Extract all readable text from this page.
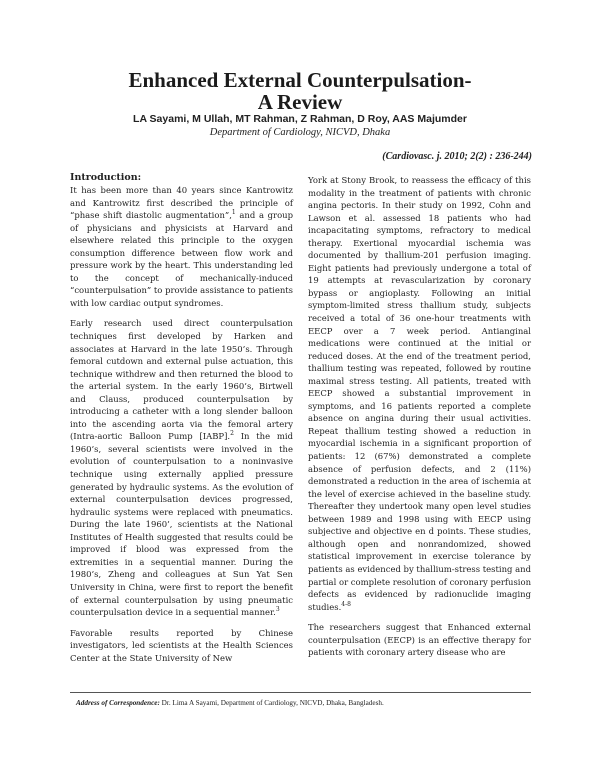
Enhanced External Counterpulsation-
A Review
LA Sayami, M Ullah, MT Rahman, Z Rahman, D Roy, AAS Majumder
Department of Cardiology, NICVD, Dhaka
(Cardiovasc. j. 2010; 2(2) : 236-244)
Introduction:

It has been more than 40 years since Kantrowitz and Kantrowitz first described the principle of “phase shift diastolic augmentation”,$^1$ and a group of physicians and physicists at Harvard and elsewhere related this principle to the oxygen consumption difference between flow work and pressure work by the heart. This understanding led to the concept of mechanically-induced “counterpulsation” to provide assistance to patients with low cardiac output syndromes.

Early research used direct counterpulsation techniques first developed by Harken and associates at Harvard in the late 1950’s. Through femoral cutdown and external pulse actuation, this technique withdrew and then returned the blood to the arterial system. In the early 1960’s, Birtwell and Clauss, produced counterpulsation by introducing a catheter with a long slender balloon into the ascending aorta via the femoral artery (Intra-aortic Balloon Pump [IABP].$^2$ In the mid 1960’s, several scientists were involved in the evolution of counterpulsation to a noninvasive technique using externally applied pressure generated by hydraulic systems. As the evolution of external counterpulsation devices progressed, hydraulic systems were replaced with pneumatics. During the late 1960’, scientists at the National Institutes of Health suggested that results could be improved if blood was expressed from the extremities in a sequential manner. During the 1980’s, Zheng and colleagues at Sun Yat Sen University in China, were first to report the benefit of external counterpulsation by using pneumatic counterpulsation device in a sequential manner.$^3$

Favorable results reported by Chinese investigators, led scientists at the Health Sciences Center at the State University of New

York at Stony Brook, to reassess the efficacy of this modality in the treatment of patients with chronic angina pectoris. In their study on 1992, Cohn and Lawson et al. assessed 18 patients who had incapacitating symptoms, refractory to medical therapy. Exertional myocardial ischemia was documented by thallium-201 perfusion imaging. Eight patients had previously undergone a total of 19 attempts at revascularization by coronary bypass or angioplasty. Following an initial symptom-limited stress thallium study, subjects received a total of 36 one-hour treatments with EECP over a 7 week period. Antianginal medications were continued at the initial or reduced doses. At the end of the treatment period, thallium testing was repeated, followed by routine maximal stress testing. All patients, treated with EECP showed a substantial improvement in symptoms, and 16 patients reported a complete absence on angina during their usual activities. Repeat thallium testing showed a reduction in myocardial ischemia in a significant proportion of patients: 12 (67%) demonstrated a complete absence of perfusion defects, and 2 (11%) demonstrated a reduction in the area of ischemia at the level of exercise achieved in the baseline study. Thereafter they undertook many open level studies between 1989 and 1998 using with EECP using subjective and objective en d points. These studies, although open and nonrandomized, showed statistical improvement in exercise tolerance by patients as evidenced by thallium-stress testing and partial or complete resolution of coronary perfusion defects as evidenced by radionuclide imaging studies.$^{4-8}$

The researchers suggest that Enhanced external counterpulsation (EECP) is an effective therapy for patients with coronary artery disease who are

Address of Correspondence: Dr. Lima A Sayami, Department of Cardiology, NICVD, Dhaka, Bangladesh.
